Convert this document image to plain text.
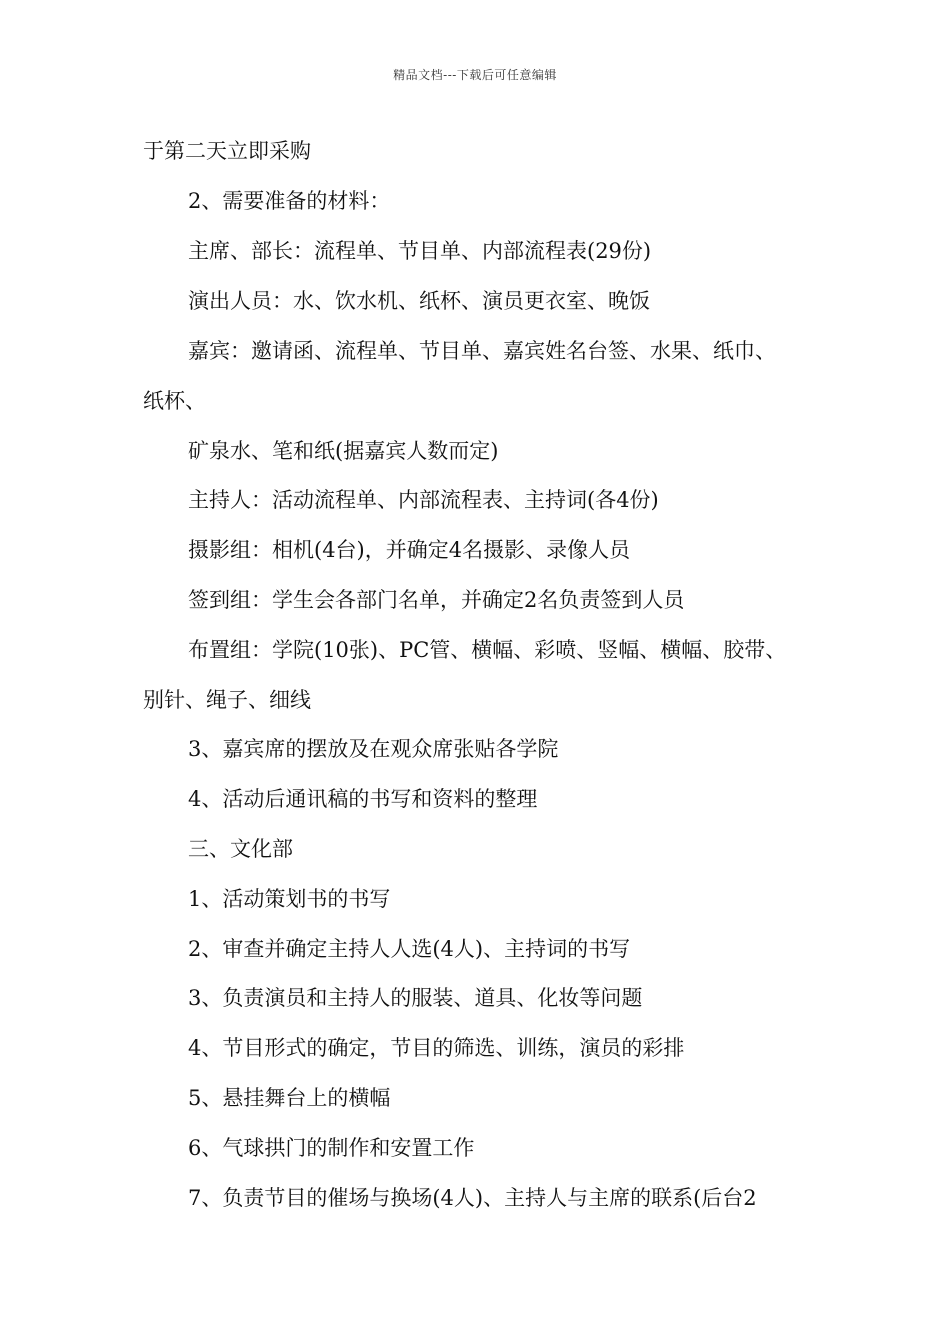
精品文档---下载后可任意编辑
于第二天立即采购
2、需要准备的材料：
主席、部长：流程单、节目单、内部流程表(29份)
演出人员：水、饮水机、纸杯、演员更衣室、晚饭
嘉宾：邀请函、流程单、节目单、嘉宾姓名台签、水果、纸巾、
纸杯、
矿泉水、笔和纸(据嘉宾人数而定)
主持人：活动流程单、内部流程表、主持词(各4份)
摄影组：相机(4台)，并确定4名摄影、录像人员
签到组：学生会各部门名单，并确定2名负责签到人员
布置组：学院(10张)、PC管、横幅、彩喷、竖幅、横幅、胶带、
别针、绳子、细线
3、嘉宾席的摆放及在观众席张贴各学院
4、活动后通讯稿的书写和资料的整理
三、文化部
1、活动策划书的书写
2、审查并确定主持人人选(4人)、主持词的书写
3、负责演员和主持人的服装、道具、化妆等问题
4、节目形式的确定，节目的筛选、训练，演员的彩排
5、悬挂舞台上的横幅
6、气球拱门的制作和安置工作
7、负责节目的催场与换场(4人)、主持人与主席的联系(后台2
